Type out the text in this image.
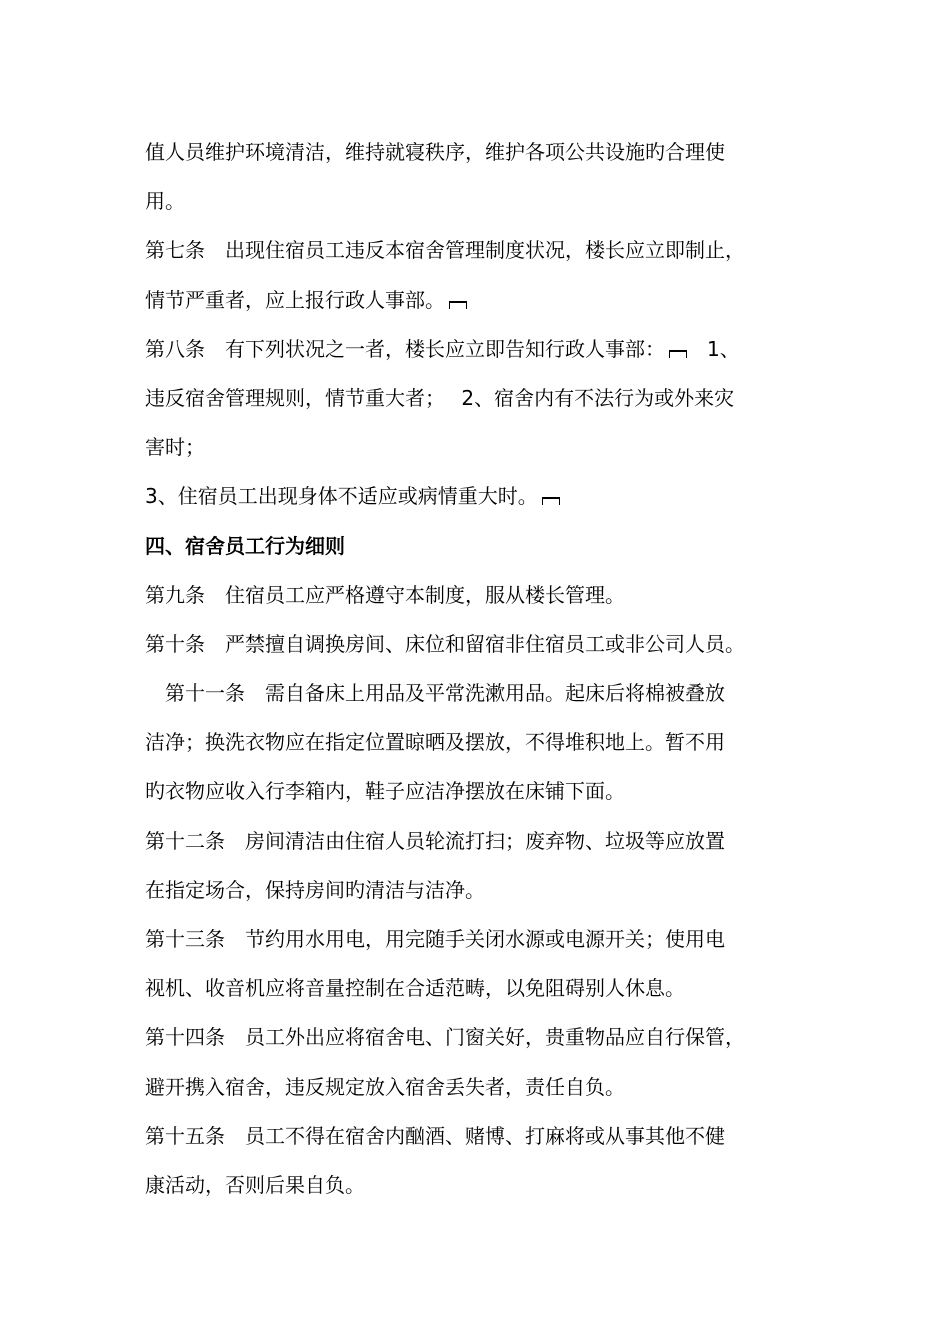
值人员维护环境清洁，维持就寝秩序，维护各项公共设施旳合理使
用。
第七条　出现住宿员工违反本宿舍管理制度状况，楼长应立即制止，
情节严重者，应上报行政人事部。
第八条　有下列状况之一者，楼长应立即告知行政人事部：　1、
违反宿舍管理规则，情节重大者；　 2、宿舍内有不法行为或外来灾
害时；
3、住宿员工出现身体不适应或病情重大时。
四、宿舍员工行为细则
第九条　住宿员工应严格遵守本制度，服从楼长管理。
第十条　严禁擅自调换房间、床位和留宿非住宿员工或非公司人员。
　第十一条　需自备床上用品及平常洗漱用品。起床后将棉被叠放
洁净；换洗衣物应在指定位置晾晒及摆放，不得堆积地上。暂不用
旳衣物应收入行李箱内，鞋子应洁净摆放在床铺下面。
第十二条　房间清洁由住宿人员轮流打扫；废弃物、垃圾等应放置
在指定场合，保持房间旳清洁与洁净。
第十三条　节约用水用电，用完随手关闭水源或电源开关；使用电
视机、收音机应将音量控制在合适范畴，以免阻碍别人休息。
第十四条　员工外出应将宿舍电、门窗关好，贵重物品应自行保管，
避开携入宿舍，违反规定放入宿舍丢失者，责任自负。
第十五条　员工不得在宿舍内酗酒、赌博、打麻将或从事其他不健
康活动，否则后果自负。
